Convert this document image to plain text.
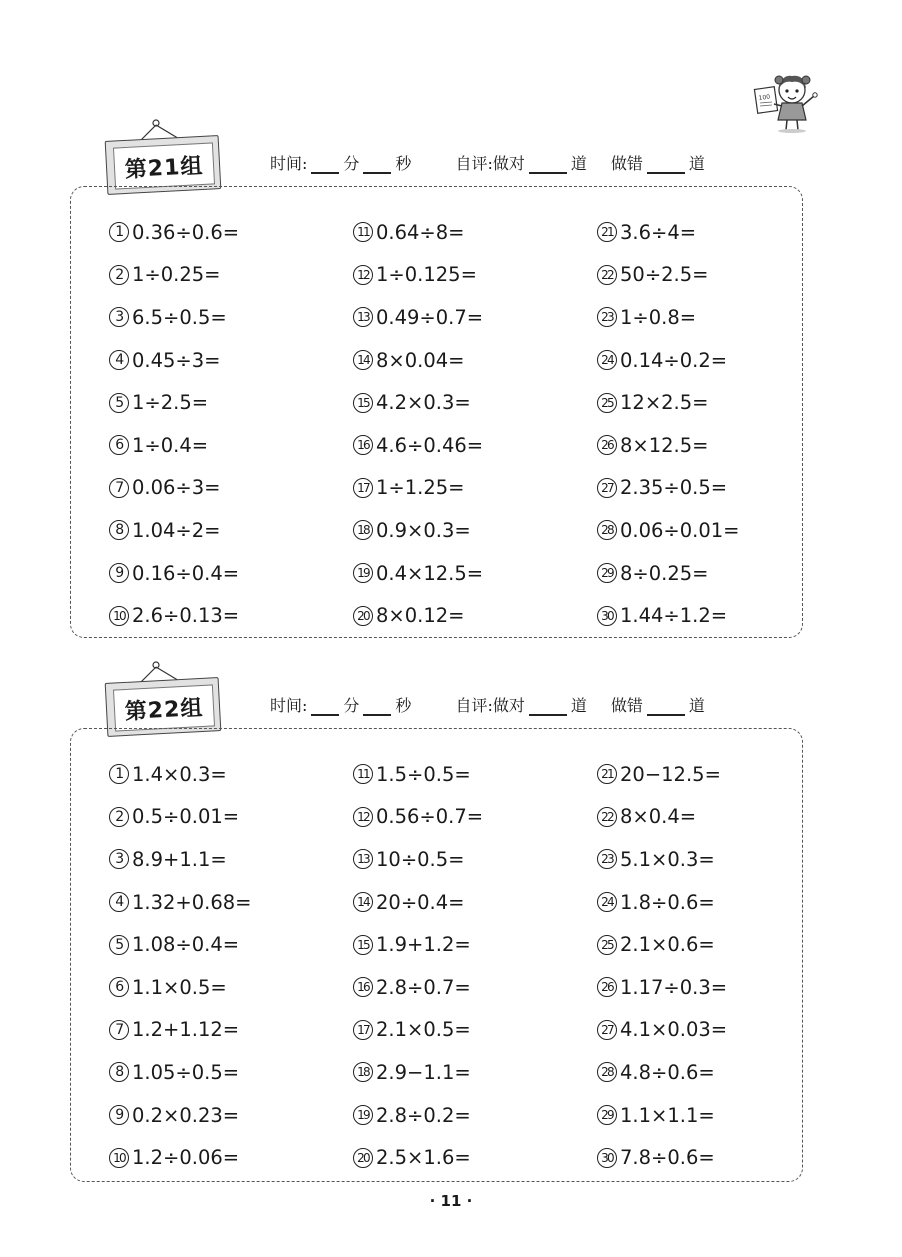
100
第21组	时间: 分 秒	自评: 做对	道 做错	道
1 0.36÷0.6=
2 1÷0.25=
3 6.5÷0.5=
4 0.45÷3=
5 1÷2.5=
6 1÷0.4=
7 0.06÷3=
8 1.04÷2=
9 0.16÷0.4=
10 2.6÷0.13=
11 0.64÷8=
12 1÷0.125=
13 0.49÷0.7=
14 8×0.04=
15 4.2×0.3=
16 4.6÷0.46=
17 1÷1.25=
18 0.9×0.3=
19 0.4×12.5=
20 8×0.12=
21 3.6÷4=
22 50÷2.5=
23 1÷0.8=
24 0.14÷0.2=
25 12×2.5=
26 8×12.5=
27 2.35÷0.5=
28 0.06÷0.01=
29 8÷0.25=
30 1.44÷1.2=
第22组	时间: 分 秒	自评: 做对	道 做错	道
1 1.4×0.3=
2 0.5÷0.01=
3 8.9+1.1=
4 1.32+0.68=
5 1.08÷0.4=
6 1.1×0.5=
7 1.2+1.12=
8 1.05÷0.5=
9 0.2×0.23=
10 1.2÷0.06=
11 1.5÷0.5=
12 0.56÷0.7=
13 10÷0.5=
14 20÷0.4=
15 1.9+1.2=
16 2.8÷0.7=
17 2.1×0.5=
18 2.9−1.1=
19 2.8÷0.2=
20 2.5×1.6=
21 20−12.5=
22 8×0.4=
23 5.1×0.3=
24 1.8÷0.6=
25 2.1×0.6=
26 1.17÷0.3=
27 4.1×0.03=
28 4.8÷0.6=
29 1.1×1.1=
30 7.8÷0.6=
· 11 ·
